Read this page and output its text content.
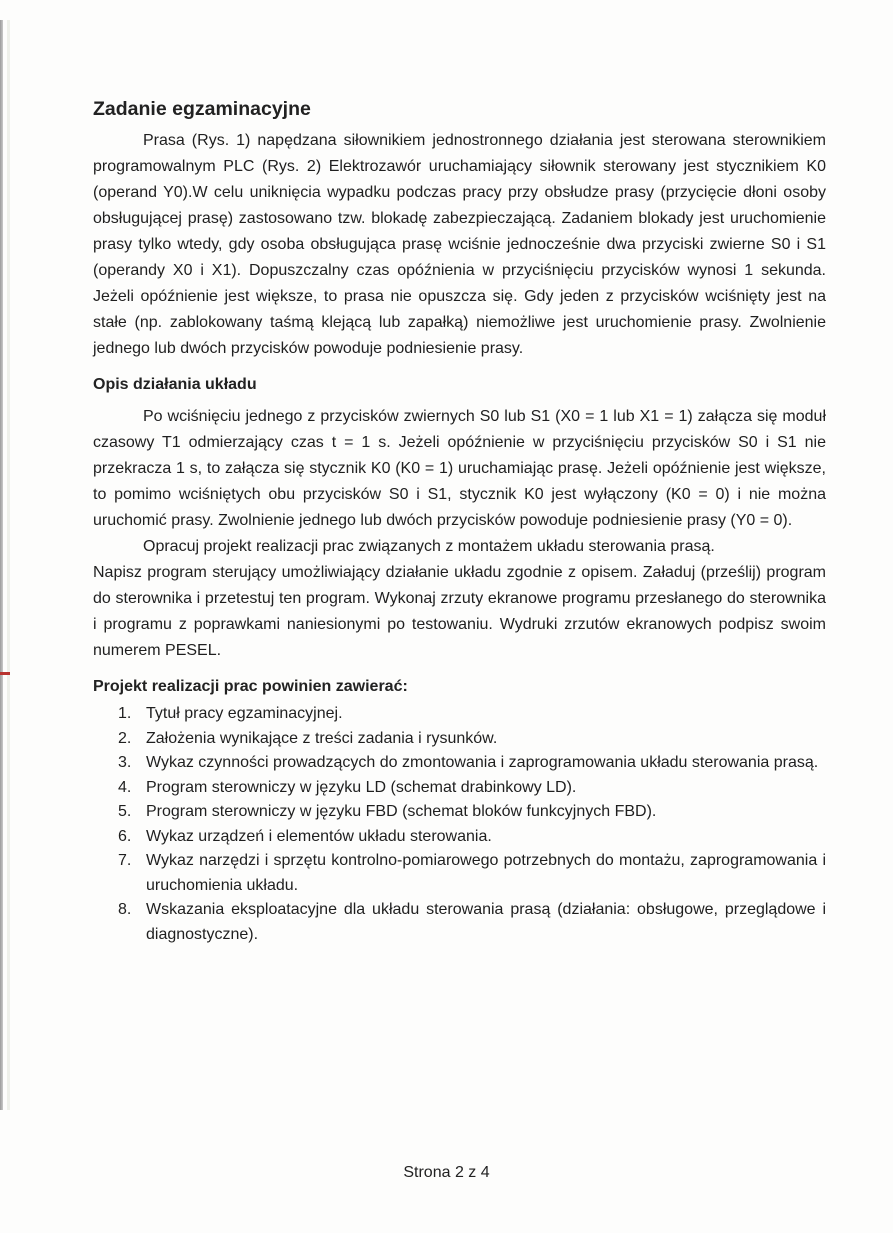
Zadanie egzaminacyjne

Prasa (Rys. 1) napędzana siłownikiem jednostronnego działania jest sterowana sterownikiem programowalnym PLC (Rys. 2) Elektrozawór uruchamiający siłownik sterowany jest stycznikiem K0 (operand Y0).W celu uniknięcia wypadku podczas pracy przy obsłudze prasy (przycięcie dłoni osoby obsługującej prasę) zastosowano tzw. blokadę zabezpieczającą. Zadaniem blokady jest uruchomienie prasy tylko wtedy, gdy osoba obsługująca prasę wciśnie jednocześnie dwa przyciski zwierne S0 i S1 (operandy X0 i X1). Dopuszczalny czas opóźnienia w przyciśnięciu przycisków wynosi 1 sekunda. Jeżeli opóźnienie jest większe, to prasa nie opuszcza się. Gdy jeden z przycisków wciśnięty jest na stałe (np. zablokowany taśmą klejącą lub zapałką) niemożliwe jest uruchomienie prasy. Zwolnienie jednego lub dwóch przycisków powoduje podniesienie prasy.

Opis działania układu

Po wciśnięciu jednego z przycisków zwiernych S0 lub S1 (X0 = 1 lub X1 = 1) załącza się moduł czasowy T1 odmierzający czas t = 1 s. Jeżeli opóźnienie w przyciśnięciu przycisków S0 i S1 nie przekracza 1 s, to załącza się stycznik K0 (K0 = 1) uruchamiając prasę. Jeżeli opóźnienie jest większe, to pomimo wciśniętych obu przycisków S0 i S1, stycznik K0 jest wyłączony (K0 = 0) i nie można uruchomić prasy. Zwolnienie jednego lub dwóch przycisków powoduje podniesienie prasy (Y0 = 0).

Opracuj projekt realizacji prac związanych z montażem układu sterowania prasą.

Napisz program sterujący umożliwiający działanie układu zgodnie z opisem. Załaduj (prześlij) program do sterownika i przetestuj ten program. Wykonaj zrzuty ekranowe programu przesłanego do sterownika i programu z poprawkami naniesionymi po testowaniu. Wydruki zrzutów ekranowych podpisz swoim numerem PESEL.

Projekt realizacji prac powinien zawierać:
1. Tytuł pracy egzaminacyjnej.
2. Założenia wynikające z treści zadania i rysunków.
3. Wykaz czynności prowadzących do zmontowania i zaprogramowania układu sterowania prasą.
4. Program sterowniczy w języku LD (schemat drabinkowy LD).
5. Program sterowniczy w języku FBD (schemat bloków funkcyjnych FBD).
6. Wykaz urządzeń i elementów układu sterowania.
7. Wykaz narzędzi i sprzętu kontrolno-pomiarowego potrzebnych do montażu, zaprogramowania i uruchomienia układu.
8. Wskazania eksploatacyjne dla układu sterowania prasą (działania: obsługowe, przeglądowe i diagnostyczne).
Strona 2 z 4
